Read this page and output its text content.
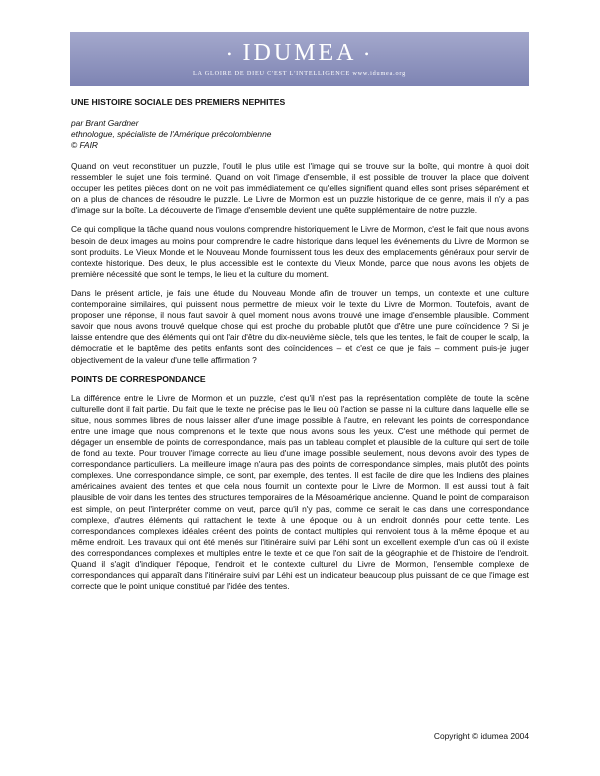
• IDUMEA •
LA GLOIRE DE DIEU C'EST L'INTELLIGENCE www.idumea.org
UNE HISTOIRE SOCIALE DES PREMIERS NEPHITES
par Brant Gardner
ethnologue, spécialiste de l'Amérique précolombienne
© FAIR

Quand on veut reconstituer un puzzle, l'outil le plus utile est l'image qui se trouve sur la boîte, qui montre à quoi doit ressembler le sujet une fois terminé. Quand on voit l'image d'ensemble, il est possible de trouver la place que doivent occuper les petites pièces dont on ne voit pas immédiatement ce qu'elles signifient quand elles sont prises séparément et on a plus de chances de résoudre le puzzle. Le Livre de Mormon est un puzzle historique de ce genre, mais il n'y a pas d'image sur la boîte. La découverte de l'image d'ensemble devient une quête supplémentaire de notre puzzle.

Ce qui complique la tâche quand nous voulons comprendre historiquement le Livre de Mormon, c'est le fait que nous avons besoin de deux images au moins pour comprendre le cadre historique dans lequel les événements du Livre de Mormon se sont produits. Le Vieux Monde et le Nouveau Monde fournissent tous les deux des emplacements généraux pour servir de contexte historique. Des deux, le plus accessible est le contexte du Vieux Monde, parce que nous avons les objets de première nécessité que sont le temps, le lieu et la culture du moment.

Dans le présent article, je fais une étude du Nouveau Monde afin de trouver un temps, un contexte et une culture contemporaine similaires, qui puissent nous permettre de mieux voir le texte du Livre de Mormon. Toutefois, avant de proposer une réponse, il nous faut savoir à quel moment nous avons trouvé une image d'ensemble plausible. Comment savoir que nous avons trouvé quelque chose qui est proche du probable plutôt que d'être une pure coïncidence ? Si je laisse entendre que des éléments qui ont l'air d'être du dix-neuvième siècle, tels que les tentes, le fait de couper le scalp, la démocratie et le baptême des petits enfants sont des coïncidences – et c'est ce que je fais – comment puis-je juger objectivement de la valeur d'une telle affirmation ?

POINTS DE CORRESPONDANCE

La différence entre le Livre de Mormon et un puzzle, c'est qu'il n'est pas la représentation complète de toute la scène culturelle dont il fait partie. Du fait que le texte ne précise pas le lieu où l'action se passe ni la culture dans laquelle elle se situe, nous sommes libres de nous laisser aller d'une image possible à l'autre, en relevant les points de correspondance entre une image que nous comprenons et le texte que nous avons sous les yeux. C'est une méthode qui permet de dégager un ensemble de points de correspondance, mais pas un tableau complet et plausible de la culture qui sert de toile de fond au texte. Pour trouver l'image correcte au lieu d'une image possible seulement, nous devons avoir des types de correspondance particuliers. La meilleure image n'aura pas des points de correspondance simples, mais plutôt des points complexes. Une correspondance simple, ce sont, par exemple, des tentes. Il est facile de dire que les Indiens des plaines américaines avaient des tentes et que cela nous fournit un contexte pour le Livre de Mormon. Il est aussi tout à fait plausible de voir dans les tentes des structures temporaires de la Mésoamérique ancienne. Quand le point de comparaison est simple, on peut l'interpréter comme on veut, parce qu'il n'y pas, comme ce serait le cas dans une correspondance complexe, d'autres éléments qui rattachent le texte à une époque ou à un endroit donnés pour cette tente. Les correspondances complexes idéales créent des points de contact multiples qui renvoient tous à la même époque et au même endroit. Les travaux qui ont été menés sur l'itinéraire suivi par Léhi sont un excellent exemple d'un cas où il existe des correspondances complexes et multiples entre le texte et ce que l'on sait de la géographie et de l'histoire de l'endroit. Quand il s'agit d'indiquer l'époque, l'endroit et le contexte culturel du Livre de Mormon, l'ensemble complexe de correspondances qui apparaît dans l'itinéraire suivi par Léhi est un indicateur beaucoup plus puissant de ce que l'image est correcte que le point unique constitué par l'idée des tentes.

Copyright © idumea 2004
